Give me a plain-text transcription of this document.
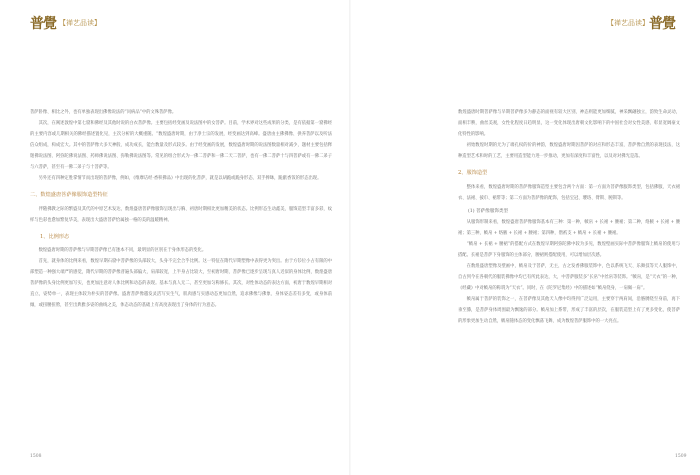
普覺 【禅艺品读】

菩萨卧像、相比之外，也有单独表现出佛像说法的“问病品”中的文殊菩萨像。

其次，在阐述敦煌中第七窟和佛经及其他时说的白衣菩萨像。主要包括经变画及说法图中的女菩萨。目前，学术界对这些成果的分类，是有依据第一窟佛经的主要内容或几期相关的佛经描述置化见，主次分析的大概重随。“数煌盛唐时期，由于净土宗的发展，经变画达到高峰。盛唐由主佛佛像、供养菩萨以及听法信众组成，构成宏大。其中的菩萨像大多天神般、成功成长，能台数量及形式较多。由于经变画的发展，数煌盛唐时期的说法图数量相对减少，题材主要包括释迦佛说法图、阿弥陀佛说法图、药师佛说法图、弥勒佛说法图等。常见的组合形式为一佛二菩萨和一佛二天二菩萨，也有一佛二菩萨十与四菩萨或有一佛二弟子与六菩萨，甚至有一佛二弟子与十菩萨等。

另外还有四种定胜掌情节而出现的菩萨像，例如，《维摩诘经·香积佛品》中出现的化菩萨，就是以胡跪或跪身形态、双手捧缽，跪献香饭的形态出现。

二、数煌盛唐菩萨像服饰造型特征

伴随佛教之际的繁盛及其代的中原艺术发达，数煌盛唐菩萨像服饰呈现出与胸、初唐时期相比更加精美的状态。比例形态生动鑫美，服饰造型丰富多彩，纹样与色彩也愈加繁复华美，表现出大盛唐菩萨恰属独一格的美的温暖精神。

1、比例形态

数煌盛唐时期的菩萨像与早期菩萨像已有逢本不同，最明显的区别在于身体形态的变化。

首先，就身体的比例来看，数煌早期石窟中菩萨像的头部较大，头身不完全合乎比例。这一特征在隋代早期塑像中表得更为突出。由于方钐位小占有限的中部塑造一种强大端严的感觉，隋代早期的菩萨像普遍头部偏大，肩部较宽，上半身占比较大，至初唐时期，菩萨像已逐步呈现与真人近似的身体比例，数煌盛唐菩萨像的头身比例更加写实，也更加注意对人体比例和动态的表现。基本与真人无二，甚至更加匀称修长。其次，对性体动态的表达方面，初唐于数煌早期相对直立，姿势单一，表现主体较为朴实的菩萨像。盛唐菩萨像越发灵活写实生气，肌肉感与实感动态更加自然，追求佛像与佛象、身体姿态差有多变，或身体前倾，或扭腰扭胯，甚至出典雅多姿的曲线之美，体态动态的基础上有高度表现出了身体的行为意态。

1508
【禅艺品读】 普覺

数煌盛唐时期菩萨像与早期菩萨像多为静态的面视有较大区别，神态则能更加细腻，神采飘翩独立，韵致生命灵动，面相丰腴，曲丝美观，女性化程度日趋明显，这一变化体现出唐朝文化影响下的中国社会对女性美感、彰显宽阔豪文化特性的影响。

初始数煌时期的尤为了端孔权的价的神韵，数煌盛唐时期因菩萨的对应和形态丰富，菩萨像自然的表现技法，这种造型艺术和时的工艺，主要用造型能力进一步推动，更加有深度和丰富性，以及对对佛光是落。

2、服饰造型

整体来看，数煌盛唐时期的菩萨像服饰造型主要包含两个方面：第一方面为菩萨像服饰类型，包括佛服、天衣裙衣、法裙、披巾、裙带等；第二方面为菩萨像的配饰，包括宝冠、璎珞、臂钏、腕钏等。

(1) 菩萨像服饰类型

从服饰形制来看，数煌盛唐菩萨像服饰基本有三种：第一种，帔帛 + 长裙 + 腰裙；第二种，络腋 + 长裙 + 腰裙；第三种，帔帛 + 络腋 + 长裙 + 腰裙；第四种，僧祇支 + 帔帛 + 长裙 + 腰裙。

“帔帛 + 长裙 + 腰裙”的搭配方式在数煌早期阿弥陀佛中较为多见，数煌壁画实际中菩萨像服饰上帔帛的使用与搭配。长裙是菩萨下身服饰的主体部分，腰裙则搭配使用，可以增加层次感。

在数煌盛唐塑像及壁画中，帔帛及于菩萨，无主，古之发香佛服装饰中，色以系统飞天、乐舞技等天人服饰中，自古到今在各朝代的服装佛像中均已有所此表达，大，中菩萨服装多“长帛”中丝帛等装饰。“帔帛，是“天衣”的一种，《经藏》中对帔帛的称谓为“天衣”。同时，在《陀罗尼集经》中的描述如“帔帛绕身，一肩佩一肩”。

帔帛属于菩萨的装饰之一，在菩萨像及其他天人像中均得到广泛运用，主要穿于两肩间，沿胳膊绕至身前，再下垂至膝，是菩萨身体周围最为飘逸的部分。帔帛加上系带，形成了丰富的层次，在服装造型上有了更多变化，使菩萨的形象更加生动自然，帔帛随体态的变化飘荡飞舞，成为数煌菩萨服饰中的一大亮点。

1509
